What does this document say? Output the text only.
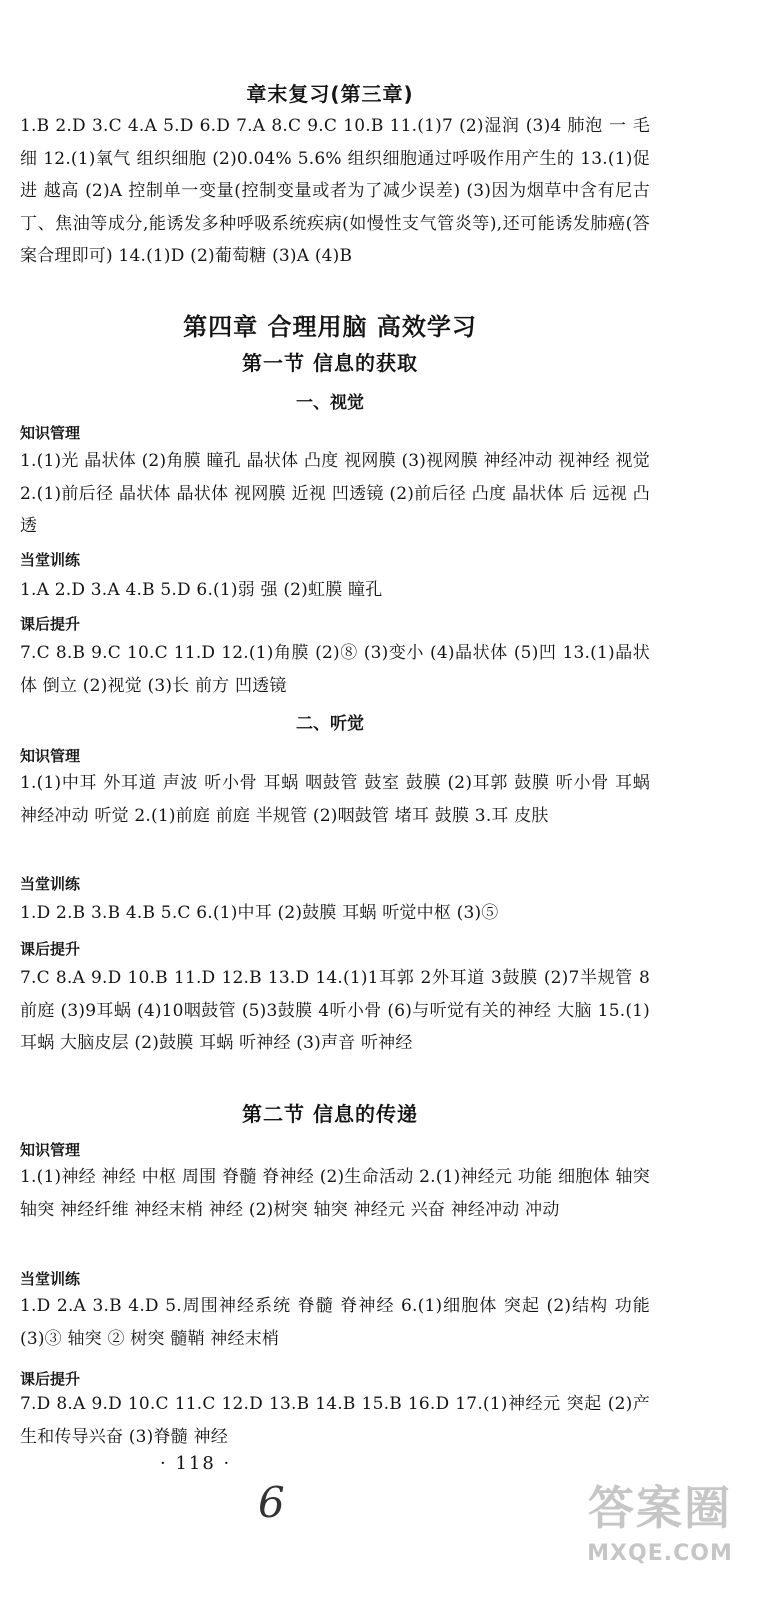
章末复习(第三章)

1.B 2.D 3.C 4.A 5.D 6.D 7.A 8.C 9.C 10.B 11.(1)7 (2)湿润 (3)4 肺泡 一 毛细 12.(1)氧气 组织细胞 (2)0.04% 5.6% 组织细胞通过呼吸作用产生的 13.(1)促进 越高 (2)A 控制单一变量(控制变量或者为了减少误差) (3)因为烟草中含有尼古丁、焦油等成分,能诱发多种呼吸系统疾病(如慢性支气管炎等),还可能诱发肺癌(答案合理即可) 14.(1)D (2)葡萄糖 (3)A (4)B

第四章 合理用脑 高效学习
第一节 信息的获取
一、视觉
知识管理

1.(1)光 晶状体 (2)角膜 瞳孔 晶状体 凸度 视网膜 (3)视网膜 神经冲动 视神经 视觉 2.(1)前后径 晶状体 晶状体 视网膜 近视 凹透镜 (2)前后径 凸度 晶状体 后 远视 凸透

当堂训练

1.A 2.D 3.A 4.B 5.D 6.(1)弱 强 (2)虹膜 瞳孔

课后提升

7.C 8.B 9.C 10.C 11.D 12.(1)角膜 (2)⑧ (3)变小 (4)晶状体 (5)凹 13.(1)晶状体 倒立 (2)视觉 (3)长 前方 凹透镜

二、听觉
知识管理

1.(1)中耳 外耳道 声波 听小骨 耳蜗 咽鼓管 鼓室 鼓膜 (2)耳郭 鼓膜 听小骨 耳蜗 神经冲动 听觉 2.(1)前庭 前庭 半规管 (2)咽鼓管 堵耳 鼓膜 3.耳 皮肤

当堂训练

1.D 2.B 3.B 4.B 5.C 6.(1)中耳 (2)鼓膜 耳蜗 听觉中枢 (3)⑤

课后提升

7.C 8.A 9.D 10.B 11.D 12.B 13.D 14.(1)1耳郭 2外耳道 3鼓膜 (2)7半规管 8前庭 (3)9耳蜗 (4)10咽鼓管 (5)3鼓膜 4听小骨 (6)与听觉有关的神经 大脑 15.(1)耳蜗 大脑皮层 (2)鼓膜 耳蜗 听神经 (3)声音 听神经

第二节 信息的传递
知识管理

1.(1)神经 神经 中枢 周围 脊髓 脊神经 (2)生命活动 2.(1)神经元 功能 细胞体 轴突 轴突 神经纤维 神经末梢 神经 (2)树突 轴突 神经元 兴奋 神经冲动 冲动

当堂训练

1.D 2.A 3.B 4.D 5.周围神经系统 脊髓 脊神经 6.(1)细胞体 突起 (2)结构 功能 (3)③ 轴突 ② 树突 髓鞘 神经末梢

课后提升

7.D 8.A 9.D 10.C 11.C 12.D 13.B 14.B 15.B 16.D 17.(1)神经元 突起 (2)产生和传导兴奋 (3)脊髓 神经

· 118 ·
6	答案圈
MXQE.COM
